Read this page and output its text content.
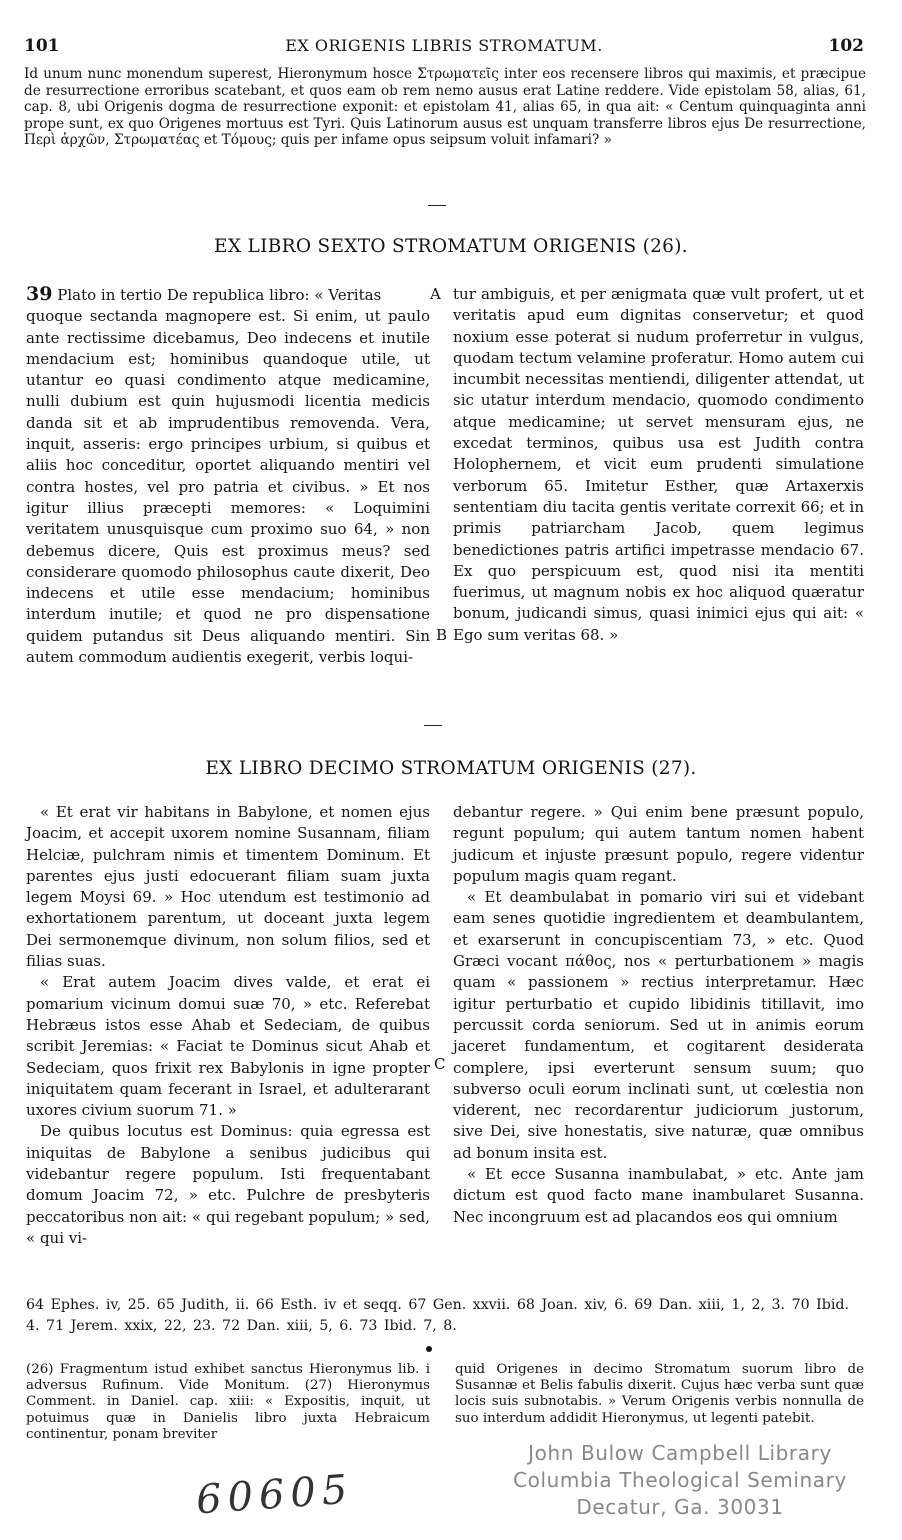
101	EX ORIGENIS LIBRIS STROMATUM.	102

Id unum nunc monendum superest, Hieronymum hosce Στρωματεῖς inter eos recensere libros qui maximis, et præcipue de resurrectione erroribus scatebant, et quos eam ob rem nemo ausus erat Latine reddere. Vide epistolam 58, alias, 61, cap. 8, ubi Origenis dogma de resurrectione exponit: et epistolam 41, alias 65, in qua ait: « Centum quinquaginta anni prope sunt, ex quo Origenes mortuus est Tyri. Quis Latinorum ausus est unquam transferre libros ejus De resurrectione, Περὶ ἀρχῶν, Στρωματέας et Τόμους; quis per infame opus seipsum voluit infamari? »

EX LIBRO SEXTO STROMATUM ORIGENIS (26).

39 Plato in tertio De republica libro: « Veritas

quoque sectanda magnopere est. Si enim, ut paulo ante rectissime dicebamus, Deo indecens et inutile mendacium est; hominibus quandoque utile, ut utantur eo quasi condimento atque medicamine, nulli dubium est quin hujusmodi licentia medicis danda sit et ab imprudentibus removenda. Vera, inquit, asseris: ergo principes urbium, si quibus et aliis hoc conceditur, oportet aliquando mentiri vel contra hostes, vel pro patria et civibus. » Et nos igitur illius præcepti memores: « Loquimini veritatem unusquisque cum proximo suo 64, » non debemus dicere, Quis est proximus meus? sed considerare quomodo philosophus caute dixerit, Deo indecens et utile esse mendacium; hominibus interdum inutile; et quod ne pro dispensatione quidem putandus sit Deus aliquando mentiri. Sin autem commodum audientis exegerit, verbis loqui-

A
B

tur ambiguis, et per ænigmata quæ vult profert, ut et veritatis apud eum dignitas conservetur; et quod noxium esse poterat si nudum proferretur in vulgus, quodam tectum velamine proferatur. Homo autem cui incumbit necessitas mentiendi, diligenter attendat, ut sic utatur interdum mendacio, quomodo condimento atque medicamine; ut servet mensuram ejus, ne excedat terminos, quibus usa est Judith contra Holophernem, et vicit eum prudenti simulatione verborum 65. Imitetur Esther, quæ Artaxerxis sententiam diu tacita gentis veritate correxit 66; et in primis patriarcham Jacob, quem legimus benedictiones patris artifici impetrasse mendacio 67. Ex quo perspicuum est, quod nisi ita mentiti fuerimus, ut magnum nobis ex hoc aliquod quæratur bonum, judicandi simus, quasi inimici ejus qui ait: « Ego sum veritas 68. »

EX LIBRO DECIMO STROMATUM ORIGENIS (27).

« Et erat vir habitans in Babylone, et nomen ejus Joacim, et accepit uxorem nomine Susannam, filiam Helciæ, pulchram nimis et timentem Dominum. Et parentes ejus justi edocuerant filiam suam juxta legem Moysi 69. » Hoc utendum est testimonio ad exhortationem parentum, ut doceant juxta legem Dei sermonemque divinum, non solum filios, sed et filias suas.

« Erat autem Joacim dives valde, et erat ei pomarium vicinum domui suæ 70, » etc. Referebat Hebræus istos esse Ahab et Sedeciam, de quibus scribit Jeremias: « Faciat te Dominus sicut Ahab et Sedeciam, quos frixit rex Babylonis in igne propter iniquitatem quam fecerant in Israel, et adulterarant uxores civium suorum 71. »

De quibus locutus est Dominus: quia egressa est iniquitas de Babylone a senibus judicibus qui videbantur regere populum. Isti frequentabant domum Joacim 72, » etc. Pulchre de presbyteris peccatoribus non ait: « qui regebant populum; » sed, « qui vi-

C

debantur regere. » Qui enim bene præsunt populo, regunt populum; qui autem tantum nomen habent judicum et injuste præsunt populo, regere videntur populum magis quam regant.

« Et deambulabat in pomario viri sui et videbant eam senes quotidie ingredientem et deambulantem, et exarserunt in concupiscentiam 73, » etc. Quod Græci vocant πάθος, nos « perturbationem » magis quam « passionem » rectius interpretamur. Hæc igitur perturbatio et cupido libidinis titillavit, imo percussit corda seniorum. Sed ut in animis eorum jaceret fundamentum, et cogitarent desiderata complere, ipsi everterunt sensum suum; quo subverso oculi eorum inclinati sunt, ut cœlestia non viderent, nec recordarentur judiciorum justorum, sive Dei, sive honestatis, sive naturæ, quæ omnibus ad bonum insita est.

« Et ecce Susanna inambulabat, » etc. Ante jam dictum est quod facto mane inambularet Susanna. Nec incongruum est ad placandos eos qui omnium

64 Ephes. iv, 25. 65 Judith, ii. 66 Esth. iv et seqq. 67 Gen. xxvii. 68 Joan. xiv, 6. 69 Dan. xiii, 1, 2, 3. 70 Ibid. 4. 71 Jerem. xxix, 22, 23. 72 Dan. xiii, 5, 6. 73 Ibid. 7, 8.

(26) Fragmentum istud exhibet sanctus Hieronymus lib. i adversus Rufinum. Vide Monitum. (27) Hieronymus Comment. in Daniel. cap. xiii: « Expositis, inquit, ut potuimus quæ in Danielis libro juxta Hebraicum continentur, ponam breviter

quid Origenes in decimo Stromatum suorum libro de Susannæ et Belis fabulis dixerit. Cujus hæc verba sunt quæ locis suis subnotabis. » Verum Origenis verbis nonnulla de suo interdum addidit Hieronymus, ut legenti patebit.

60605
John Bulow Campbell Library
Columbia Theological Seminary
Decatur, Ga. 30031
